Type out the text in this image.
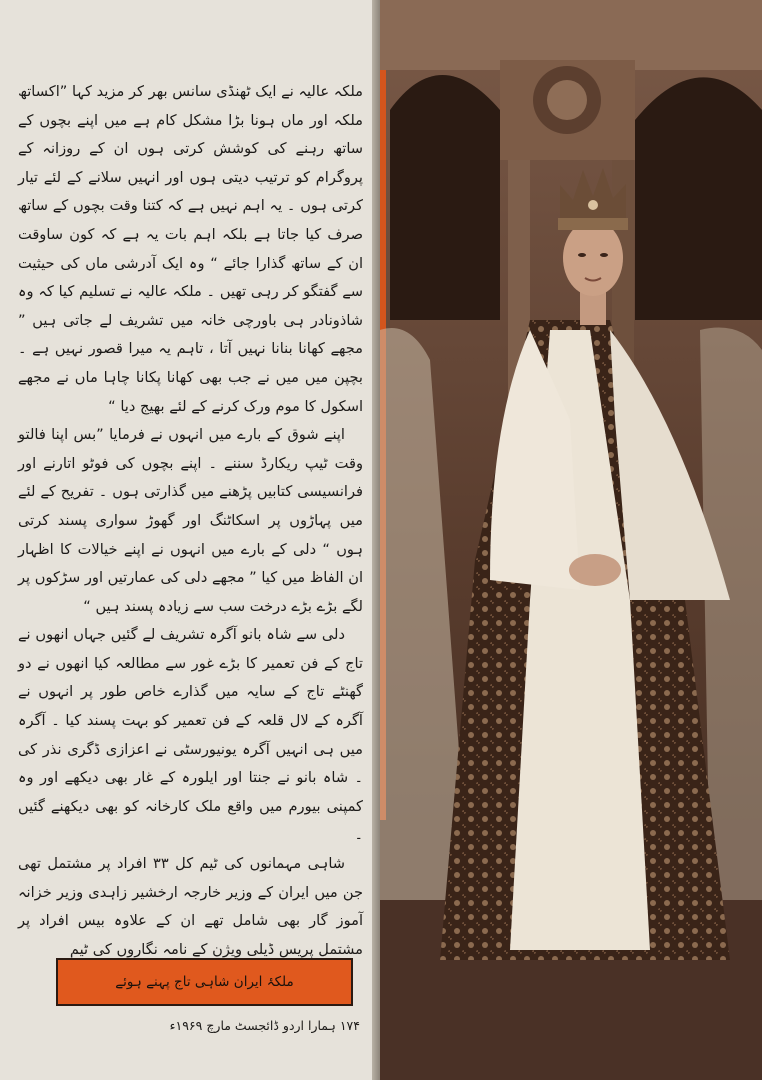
ملکہ عالیہ نے ایک ٹھنڈی سانس بھر کر مزید کہا ”اکساتھ ملکہ اور ماں ہونا بڑا مشکل کام ہے میں اپنے بچوں کے ساتھ رہنے کی کوشش کرتی ہوں ان کے روزانہ کے پروگرام کو ترتیب دیتی ہوں اور انہیں سلانے کے لئے تیار کرتی ہوں ۔ یہ اہم نہیں ہے کہ کتنا وقت بچوں کے ساتھ صرف کیا جاتا ہے بلکہ اہم بات یہ ہے کہ کون ساوقت ان کے ساتھ گذارا جائے “ وہ ایک آدرشی ماں کی حیثیت سے گفتگو کر رہی تھیں ۔ ملکہ عالیہ نے تسلیم کیا کہ وہ شاذونادر ہی باورچی خانہ میں تشریف لے جاتی ہیں ” مجھے کھانا بنانا نہیں آتا ، تاہم یہ میرا قصور نہیں ہے ۔ بچپن میں میں نے جب بھی کھانا پکانا چاہا ماں نے مجھے اسکول کا موم ورک کرنے کے لئے بھیج دیا “

اپنے شوق کے بارے میں انہوں نے فرمایا ”بس اپنا فالتو وقت ٹیپ ریکارڈ سننے ۔ اپنے بچوں کی فوٹو اتارنے اور فرانسیسی کتابیں پڑھنے میں گذارتی ہوں ۔ تفریح کے لئے میں پہاڑوں پر اسکاٹنگ اور گھوڑ سواری پسند کرتی ہوں “ دلی کے بارے میں انہوں نے اپنے خیالات کا اظہار ان الفاظ میں کیا ” مجھے دلی کی عمارتیں اور سڑکوں پر لگے بڑے بڑے درخت سب سے زیادہ پسند ہیں “

دلی سے شاہ بانو آگرہ تشریف لے گئیں جہاں انھوں نے تاج کے فن تعمیر کا بڑے غور سے مطالعہ کیا انھوں نے دو گھنٹے تاج کے سایہ میں گذارے خاص طور پر انہوں نے آگرہ کے لال قلعہ کے فن تعمیر کو بہت پسند کیا ۔ آگرہ میں ہی انہیں آگرہ یونیورسٹی نے اعزازی ڈگری نذر کی ۔ شاہ بانو نے جنتا اور ایلورہ کے غار بھی دیکھے اور وہ کمپنی بیورم میں واقع ملک کارخانہ کو بھی دیکھنے گئیں ۔

شاہی مہمانوں کی ٹیم کل ۳۳ افراد پر مشتمل تھی جن میں ایران کے وزیر خارجہ ارخشیر زاہدی وزیر خزانہ آموز گار بھی شامل تھے ان کے علاوہ بیس افراد پر مشتمل پریس ڈیلی ویژن کے نامہ نگاروں کی ٹیم

ملکۂ ایران شاہی تاج پہنے ہوئے
۱۷۴ ہمارا اردو ڈائجسٹ مارچ ۱۹۶۹ء
